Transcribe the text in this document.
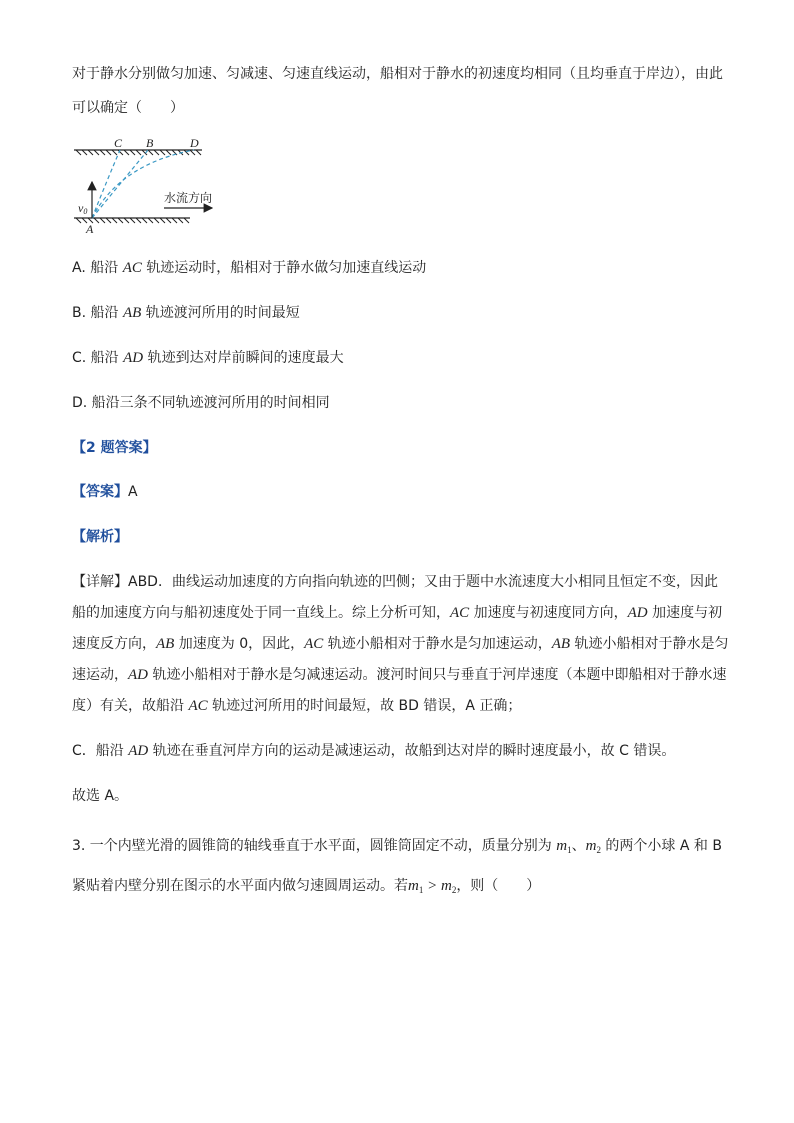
对于静水分别做匀加速、匀减速、匀速直线运动，船相对于静水的初速度均相同（且均垂直于岸边），由此
可以确定（　　）
C B	D
A
v0
水流方向
A. 船沿 AC 轨迹运动时，船相对于静水做匀加速直线运动
B. 船沿 AB 轨迹渡河所用的时间最短
C. 船沿 AD 轨迹到达对岸前瞬间的速度最大
D. 船沿三条不同轨迹渡河所用的时间相同
【2 题答案】
【答案】A
【解析】
【详解】ABD．曲线运动加速度的方向指向轨迹的凹侧；又由于题中水流速度大小相同且恒定不变，因此
船的加速度方向与船初速度处于同一直线上。综上分析可知，AC 加速度与初速度同方向，AD 加速度与初
速度反方向，AB 加速度为 0，因此，AC 轨迹小船相对于静水是匀加速运动，AB 轨迹小船相对于静水是匀
速运动，AD 轨迹小船相对于静水是匀减速运动。渡河时间只与垂直于河岸速度（本题中即船相对于静水速
度）有关，故船沿 AC 轨迹过河所用的时间最短，故 BD 错误，A 正确；
C．船沿 AD 轨迹在垂直河岸方向的运动是减速运动，故船到达对岸的瞬时速度最小，故 C 错误。
故选 A。
3. 一个内壁光滑的圆锥筒的轴线垂直于水平面，圆锥筒固定不动，质量分别为 $m_1$、$m_2$ 的两个小球 A 和 B
紧贴着内壁分别在图示的水平面内做匀速圆周运动。若$m_1 > m_2$，则（　　）
